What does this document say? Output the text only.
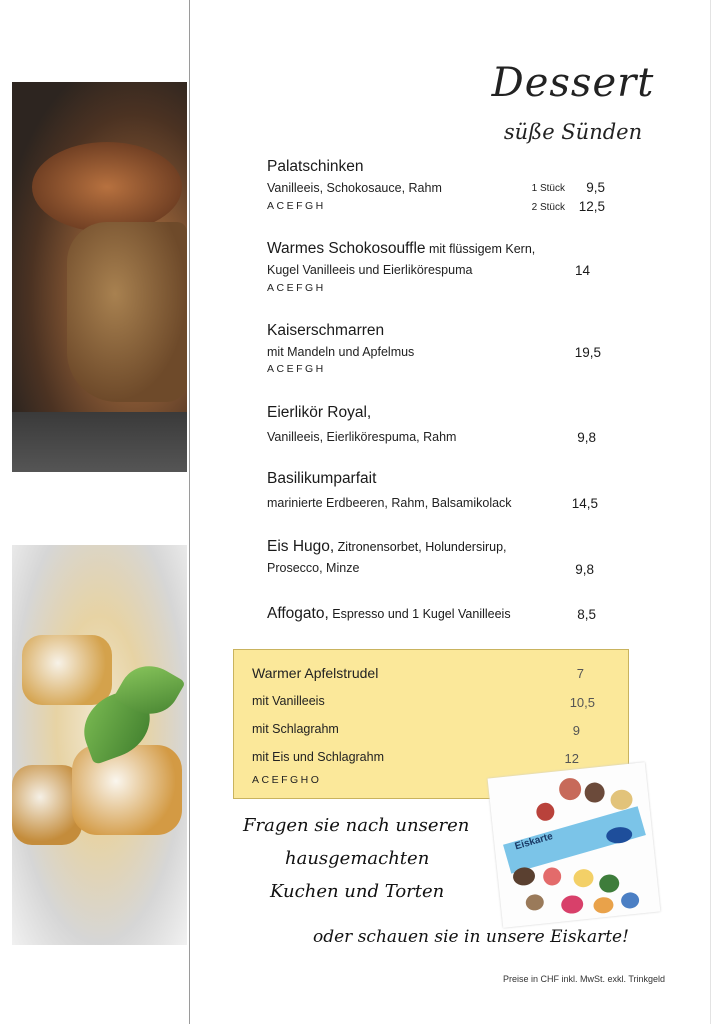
Dessert
süße Sünden
Palatschinken
Vanilleeis, Schokosauce, Rahm
ACEFGH
1 Stück	9,5
2 Stück	12,5
Warmes Schokosouffle mit flüssigem Kern,
Kugel Vanilleeis und Eierlikörespuma
ACEFGH
14
Kaiserschmarren
mit Mandeln und Apfelmus
ACEFGH
19,5
Eierlikör Royal,
Vanilleeis, Eierlikörespuma, Rahm	9,8
Basilikumparfait
marinierte Erdbeeren, Rahm, Balsamikolack	14,5
Eis Hugo, Zitronensorbet, Holundersirup,
Prosecco, Minze	9,8
Affogato, Espresso und 1 Kugel Vanilleeis	8,5
Warmer Apfelstrudel	7
mit Vanilleeis	10,5
mit Schlagrahm	9
mit Eis und Schlagrahm	12
ACEFGHO
Eiskarte
Fragen sie nach unseren
hausgemachten
Kuchen und Torten
oder schauen sie in unsere Eiskarte!
Preise in CHF inkl. MwSt. exkl. Trinkgeld
